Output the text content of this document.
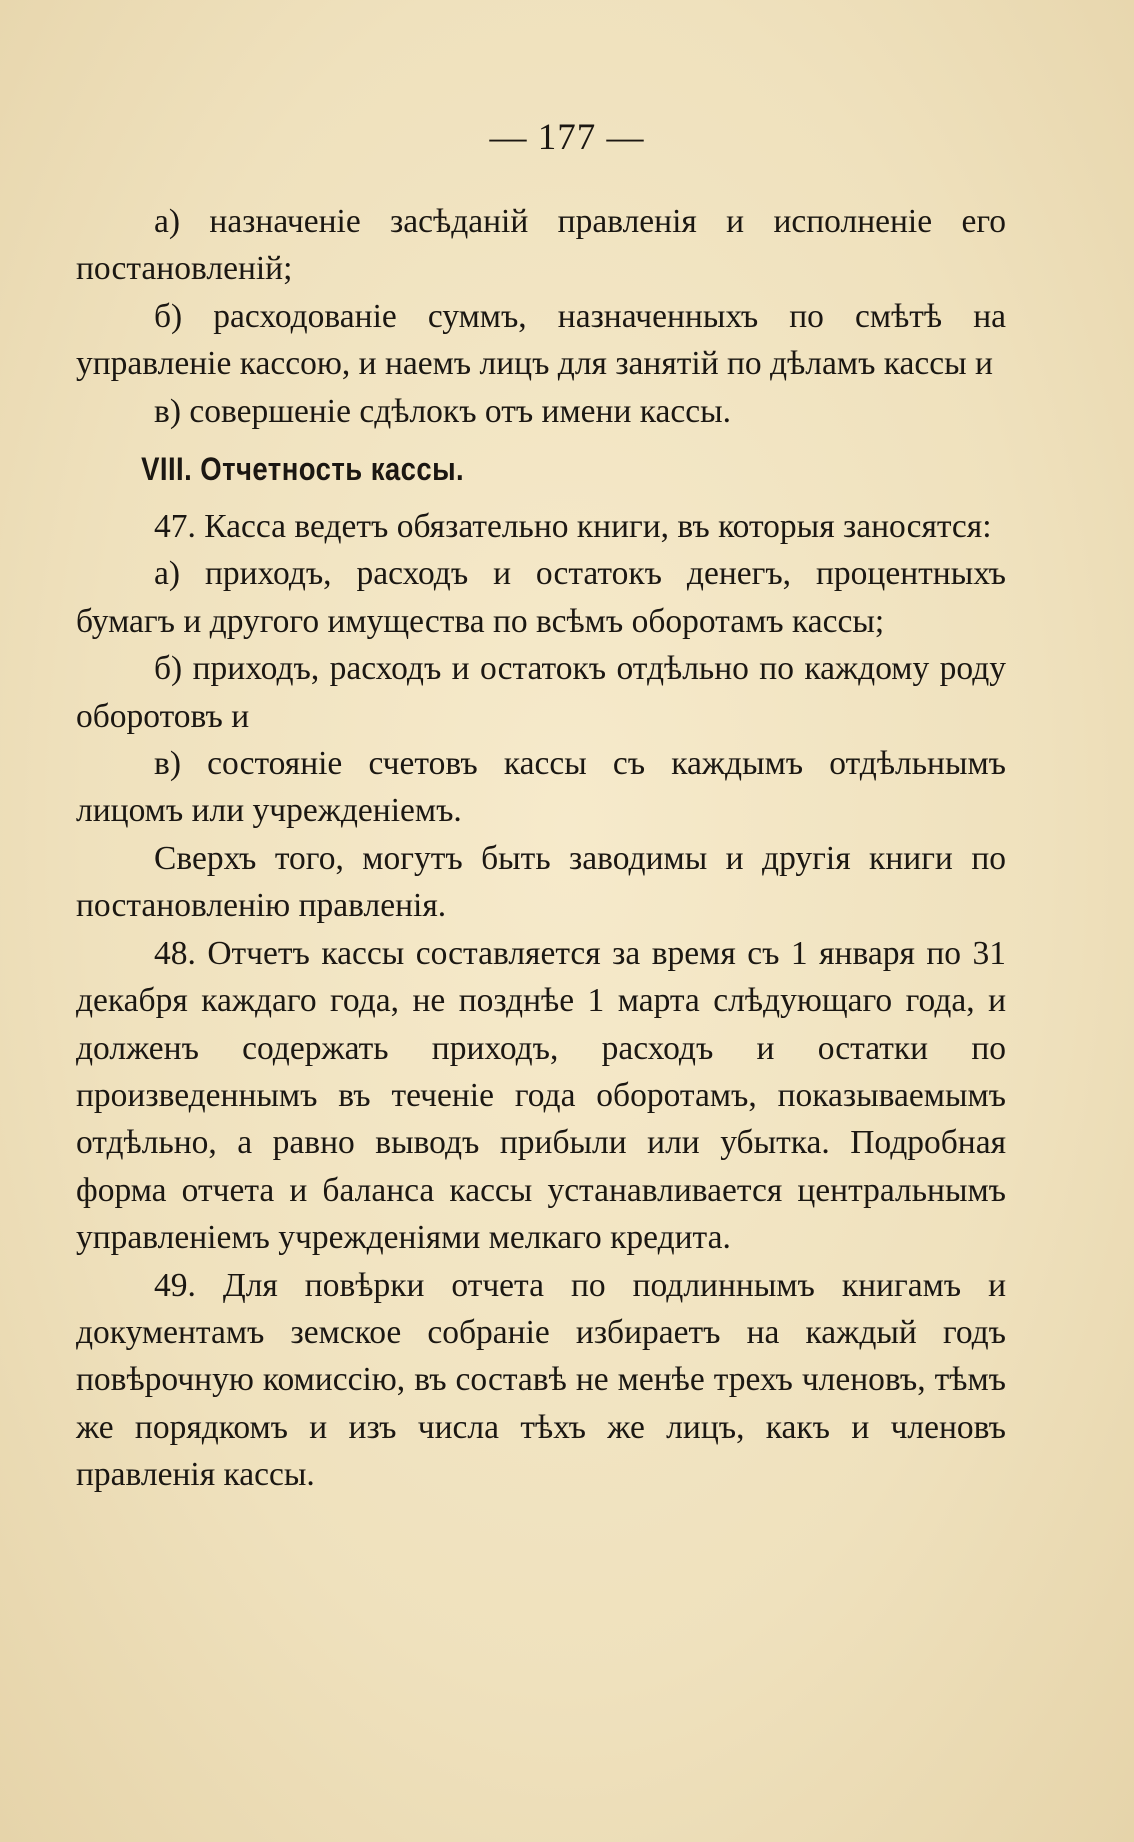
— 177 —

а) назначеніе засѣданій правленія и исполненіе его постановленій;

б) расходованіе суммъ, назначенныхъ по смѣтѣ на управленіе кассою, и наемъ лицъ для занятій по дѣламъ кассы и

в) совершеніе сдѣлокъ отъ имени кассы.

VIII. Отчетность кассы.

47. Касса ведетъ обязательно книги, въ которыя заносятся:

а) приходъ, расходъ и остатокъ денегъ, процентныхъ бумагъ и другого имущества по всѣмъ оборотамъ кассы;

б) приходъ, расходъ и остатокъ отдѣльно по каждому роду оборотовъ и

в) состояніе счетовъ кассы съ каждымъ отдѣльнымъ лицомъ или учрежденіемъ.

Сверхъ того, могутъ быть заводимы и другія книги по постановленію правленія.

48. Отчетъ кассы составляется за время съ 1 января по 31 декабря каждаго года, не позднѣе 1 марта слѣдующаго года, и долженъ содержать приходъ, расходъ и остатки по произведеннымъ въ теченіе года оборотамъ, показываемымъ отдѣльно, а равно выводъ прибыли или убытка. Подробная форма отчета и баланса кассы устанавливается центральнымъ управленіемъ учрежденіями мелкаго кредита.

49. Для повѣрки отчета по подлиннымъ книгамъ и документамъ земское собраніе избираетъ на каждый годъ повѣрочную комиссію, въ составѣ не менѣе трехъ членовъ, тѣмъ же порядкомъ и изъ числа тѣхъ же лицъ, какъ и членовъ правленія кассы.
